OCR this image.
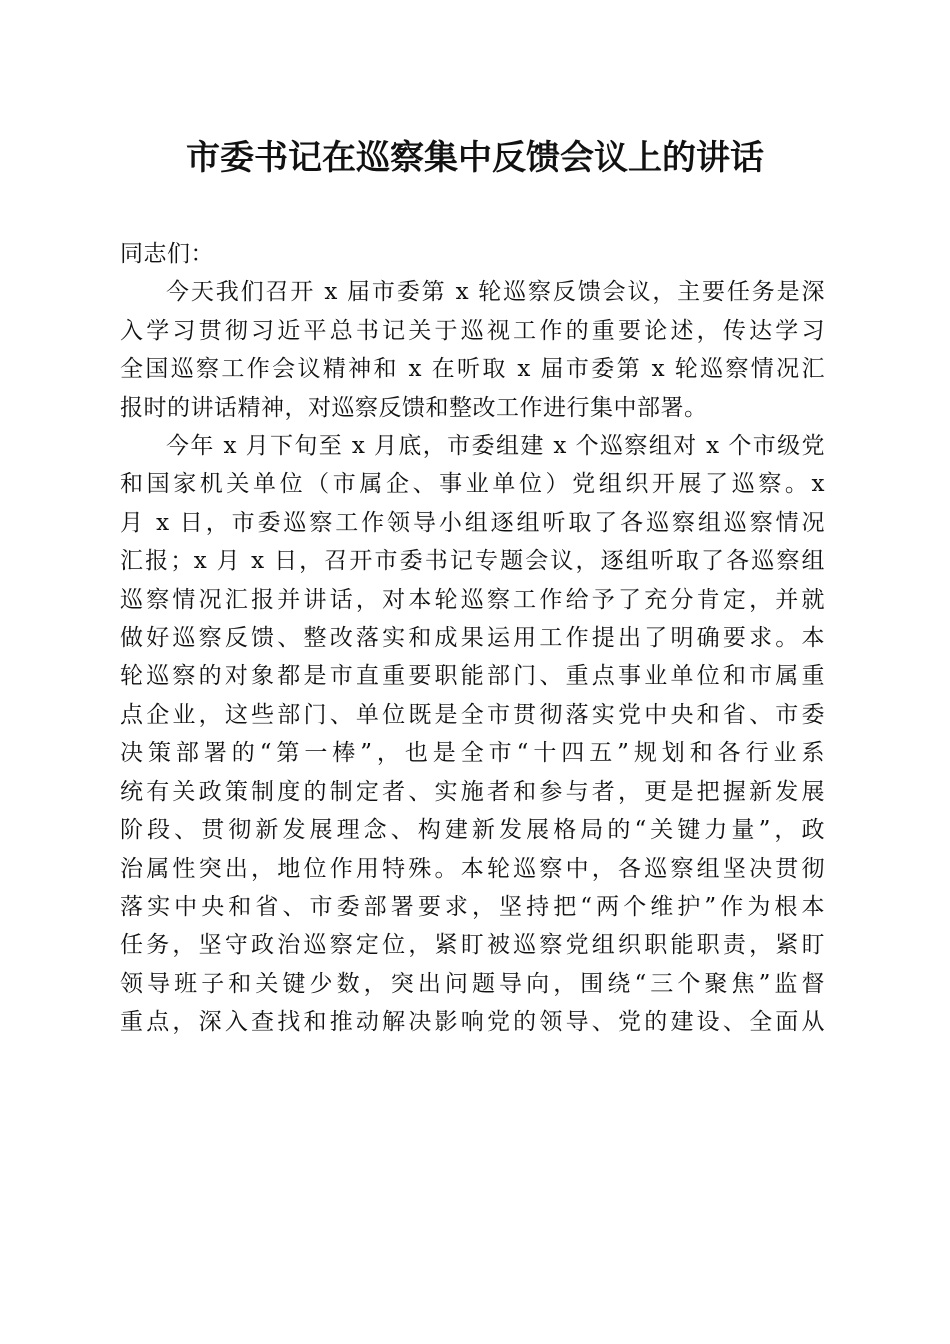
市委书记在巡察集中反馈会议上的讲话

同志们：

今天我们召开 x 届市委第 x 轮巡察反馈会议，主要任务是深
入学习贯彻习近平总书记关于巡视工作的重要论述，传达学习
全国巡察工作会议精神和 x 在听取 x 届市委第 x 轮巡察情况汇
报时的讲话精神，对巡察反馈和整改工作进行集中部署。

今年 x 月下旬至 x 月底，市委组建 x 个巡察组对 x 个市级党
和国家机关单位（市属企、事业单位）党组织开展了巡察。x
月 x 日，市委巡察工作领导小组逐组听取了各巡察组巡察情况
汇报；x 月 x 日，召开市委书记专题会议，逐组听取了各巡察组
巡察情况汇报并讲话，对本轮巡察工作给予了充分肯定，并就
做好巡察反馈、整改落实和成果运用工作提出了明确要求。本
轮巡察的对象都是市直重要职能部门、重点事业单位和市属重
点企业，这些部门、单位既是全市贯彻落实党中央和省、市委
决策部署的“第一棒”，也是全市“十四五”规划和各行业系
统有关政策制度的制定者、实施者和参与者，更是把握新发展
阶段、贯彻新发展理念、构建新发展格局的“关键力量”，政
治属性突出，地位作用特殊。本轮巡察中，各巡察组坚决贯彻
落实中央和省、市委部署要求，坚持把“两个维护”作为根本
任务，坚守政治巡察定位，紧盯被巡察党组织职能职责，紧盯
领导班子和关键少数，突出问题导向，围绕“三个聚焦”监督
重点，深入查找和推动解决影响党的领导、党的建设、全面从
